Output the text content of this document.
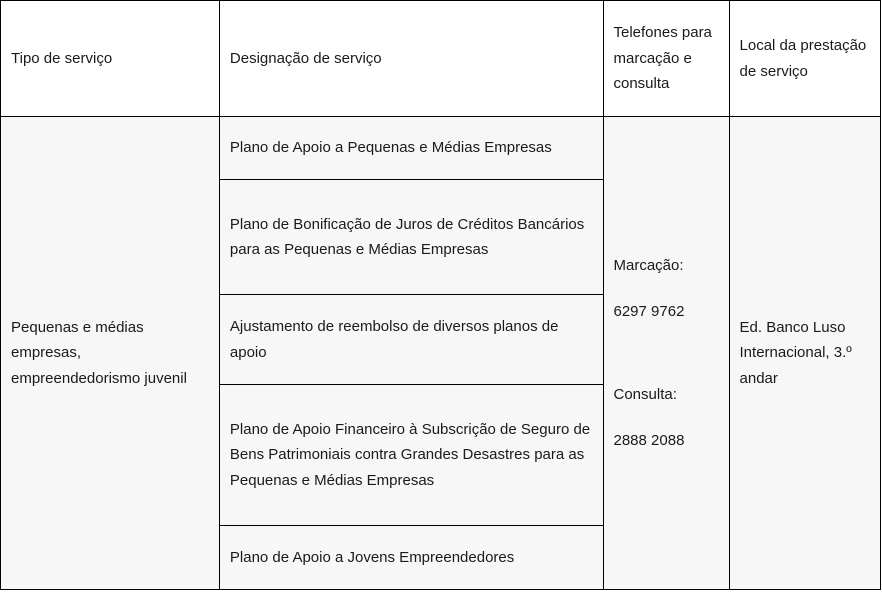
Tipo de serviço	Designação de serviço	Telefones para marcação e consulta	Local da prestação de serviço
Pequenas e médias empresas, empreendedorismo juvenil	Plano de Apoio a Pequenas e Médias Empresas	Marcação:

6297 9762

Consulta:

2888 2088	Ed. Banco Luso Internacional, 3.º andar
	Plano de Bonificação de Juros de Créditos Bancários para as Pequenas e Médias Empresas		
	Ajustamento de reembolso de diversos planos de apoio		
	Plano de Apoio Financeiro à Subscrição de Seguro de Bens Patrimoniais contra Grandes Desastres para as Pequenas e Médias Empresas		
	Plano de Apoio a Jovens Empreendedores		
